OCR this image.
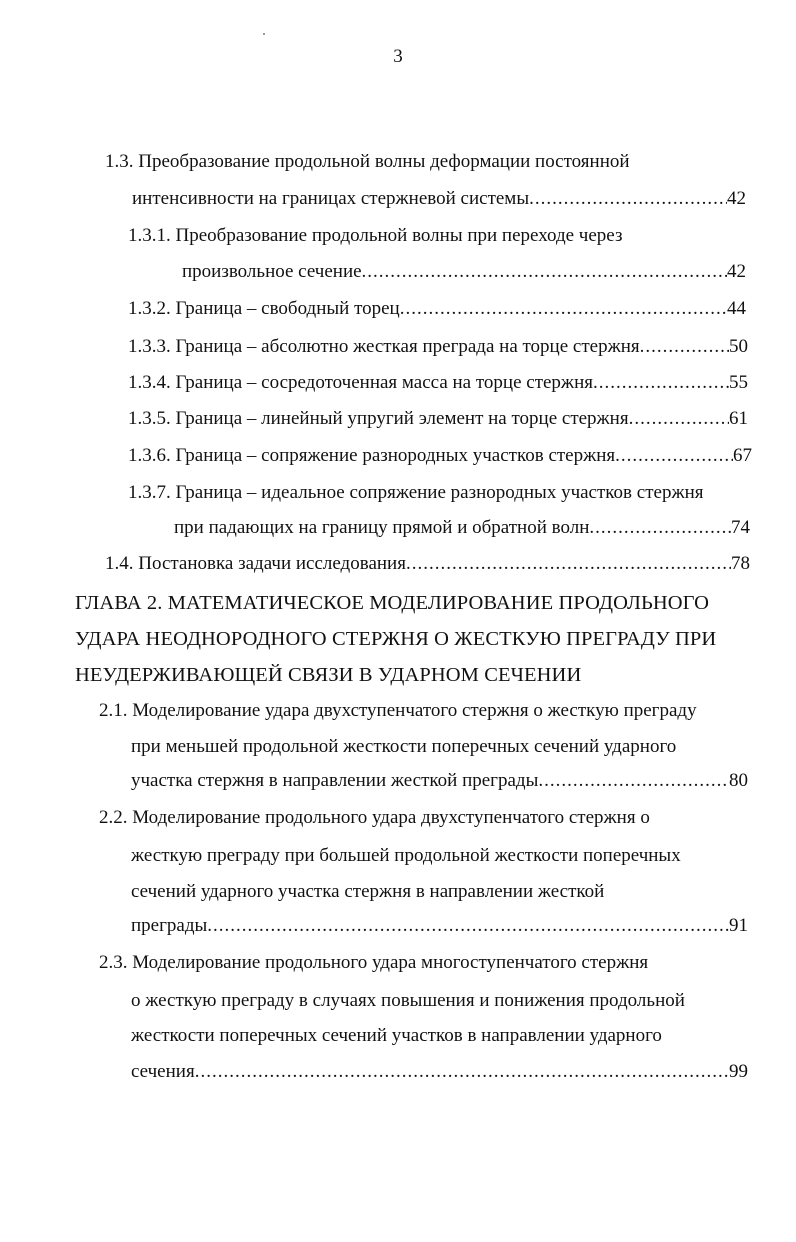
3
1.3. Преобразование продольной волны деформации постоянной
интенсивности на границах стержневой системы .....	42
1.3.1. Преобразование продольной волны при переходе через
произвольное сечение .....	42
1.3.2. Граница – свободный торец .....	44
1.3.3. Граница – абсолютно жесткая преграда на торце стержня .....	50
1.3.4. Граница – сосредоточенная масса на торце стержня .....	55
1.3.5. Граница – линейный упругий элемент на торце стержня .....	61
1.3.6. Граница – сопряжение разнородных участков стержня .....	67
1.3.7. Граница – идеальное сопряжение разнородных участков стержня
при падающих на границу прямой и обратной волн .....	74
1.4. Постановка задачи исследования .....	78
ГЛАВА 2. МАТЕМАТИЧЕСКОЕ МОДЕЛИРОВАНИЕ ПРОДОЛЬНОГО
УДАРА НЕОДНОРОДНОГО СТЕРЖНЯ О ЖЕСТКУЮ ПРЕГРАДУ ПРИ
НЕУДЕРЖИВАЮЩЕЙ СВЯЗИ В УДАРНОМ СЕЧЕНИИ
2.1. Моделирование удара двухступенчатого стержня о жесткую преграду
при меньшей продольной жесткости поперечных сечений ударного
участка стержня в направлении жесткой преграды .....	80
2.2. Моделирование продольного удара двухступенчатого стержня о
жесткую преграду при большей продольной жесткости поперечных
сечений ударного участка стержня в направлении жесткой
преграды .....	91
2.3. Моделирование продольного удара многоступенчатого стержня
о жесткую преграду в случаях повышения и понижения продольной
жесткости поперечных сечений участков в направлении ударного
сечения .....	99
